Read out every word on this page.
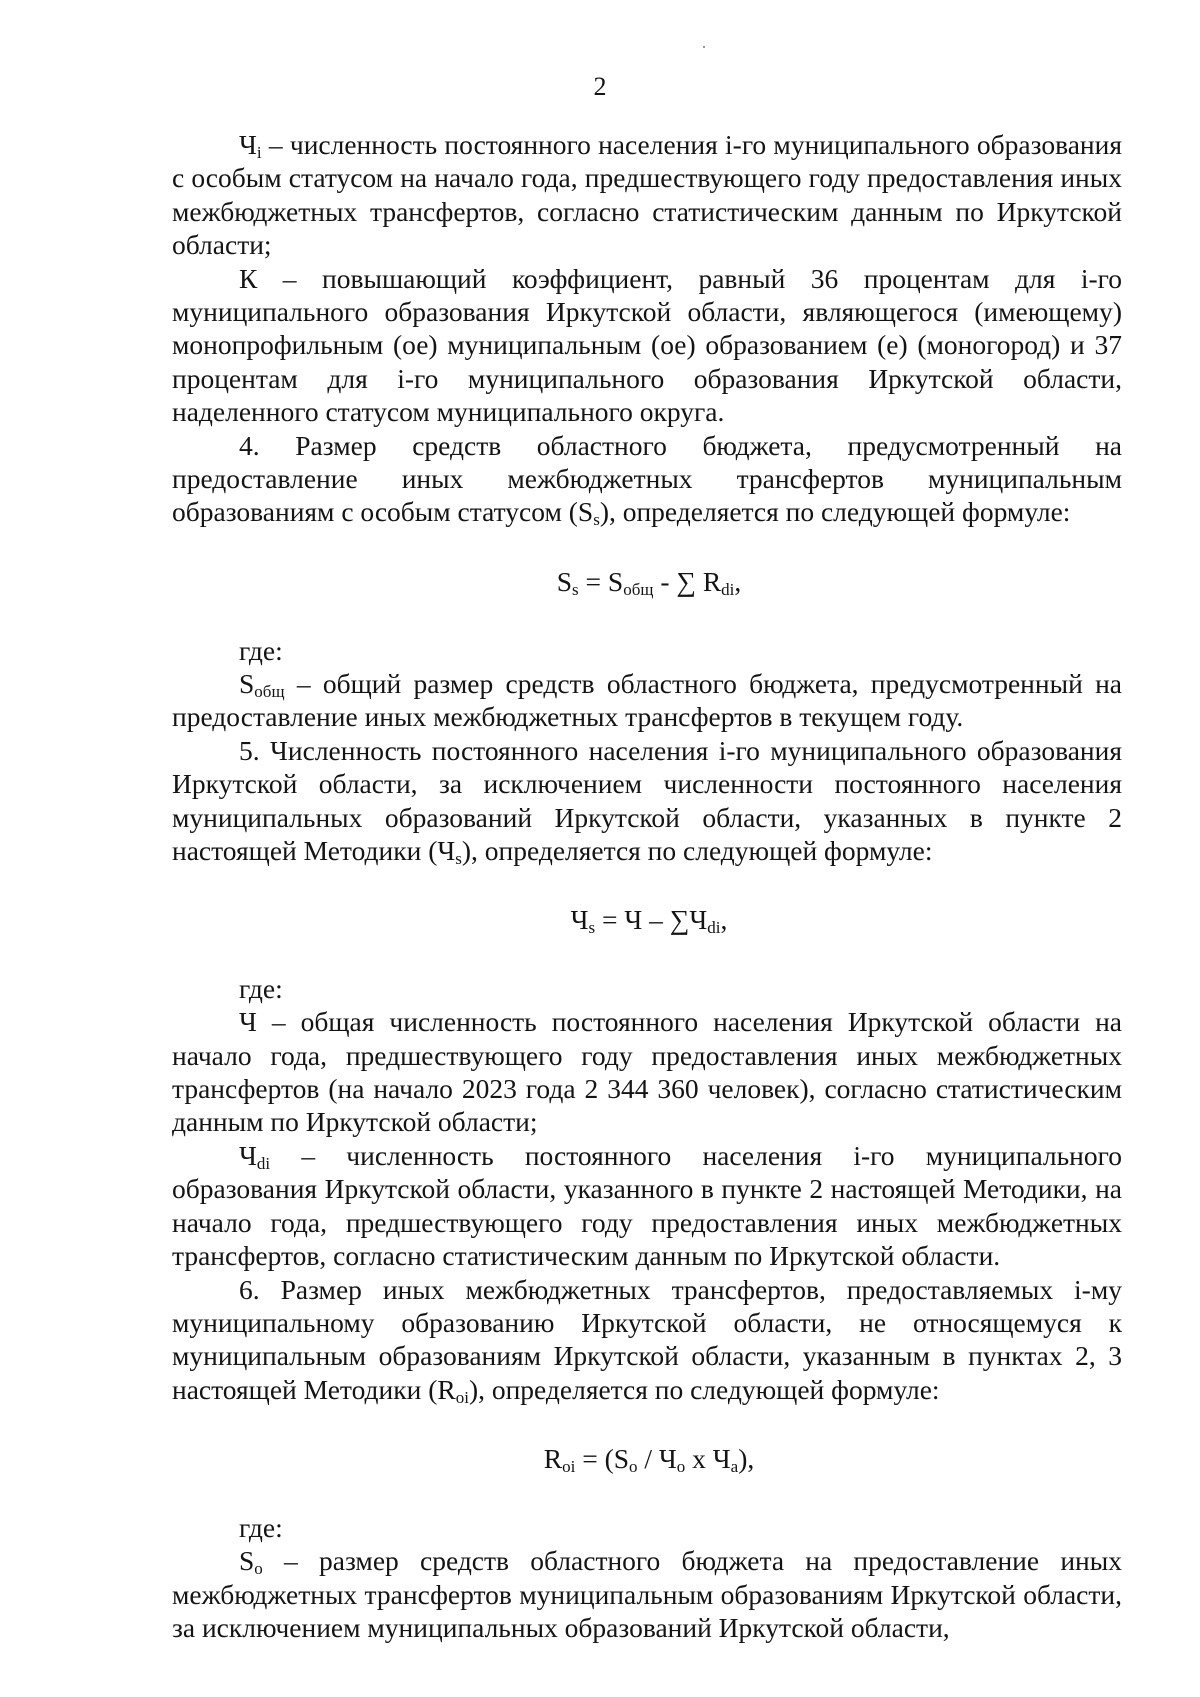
2

$Ч_i$ – численность постоянного населения i-го муниципального образования с особым статусом на начало года, предшествующего году предоставления иных межбюджетных трансфертов, согласно статистическим данным по Иркутской области;

К – повышающий коэффициент, равный 36 процентам для i-го муниципального образования Иркутской области, являющегося (имеющему) монопрофильным (ое) муниципальным (ое) образованием (е) (моногород) и 37 процентам для i-го муниципального образования Иркутской области, наделенного статусом муниципального округа.

4. Размер средств областного бюджета, предусмотренный на предоставление иных межбюджетных трансфертов муниципальным образованиям с особым статусом $(S_s)$, определяется по следующей формуле:

$S_s = S_{общ}$ - ∑ $R_{di}$,

где:

$S_{общ}$ – общий размер средств областного бюджета, предусмотренный на предоставление иных межбюджетных трансфертов в текущем году.

5. Численность постоянного населения i-го муниципального образования Иркутской области, за исключением численности постоянного населения муниципальных образований Иркутской области, указанных в пункте 2 настоящей Методики $(Ч_s)$, определяется по следующей формуле:

$Ч_s = Ч - \sum Ч_{di}$,

где:

Ч – общая численность постоянного населения Иркутской области на начало года, предшествующего году предоставления иных межбюджетных трансфертов (на начало 2023 года 2 344 360 человек), согласно статистическим данным по Иркутской области;

$Ч_{di}$ – численность постоянного населения i-го муниципального образования Иркутской области, указанного в пункте 2 настоящей Методики, на начало года, предшествующего году предоставления иных межбюджетных трансфертов, согласно статистическим данным по Иркутской области.

6. Размер иных межбюджетных трансфертов, предоставляемых i-му муниципальному образованию Иркутской области, не относящемуся к муниципальным образованиям Иркутской области, указанным в пунктах 2, 3 настоящей Методики $(R_{oi})$, определяется по следующей формуле:

$R_{oi} = (S_o / Ч_o$ х $Ч_a$),

где:

$S_o$ – размер средств областного бюджета на предоставление иных межбюджетных трансфертов муниципальным образованиям Иркутской области, за исключением муниципальных образований Иркутской области,
